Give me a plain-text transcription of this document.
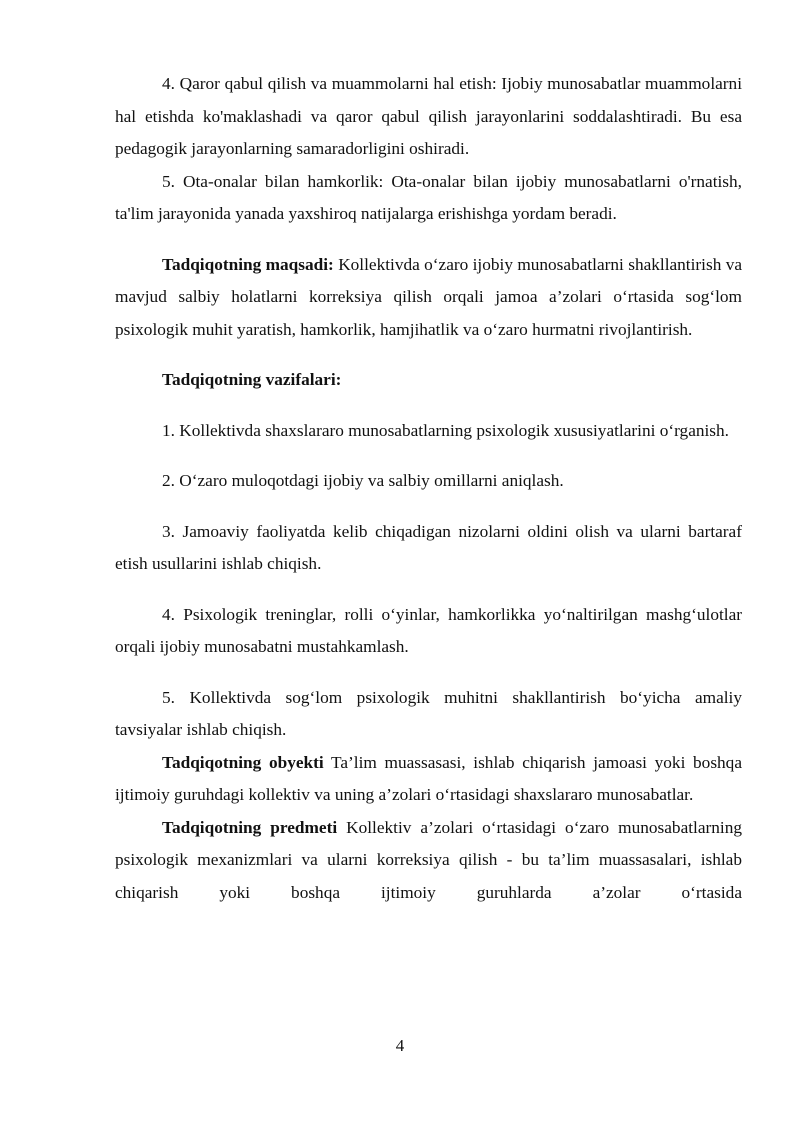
4. Qaror qabul qilish va muammolarni hal etish: Ijobiy munosabatlar muammolarni hal etishda ko'maklashadi va qaror qabul qilish jarayonlarini soddalashtiradi. Bu esa pedagogik jarayonlarning samaradorligini oshiradi.

5. Ota-onalar bilan hamkorlik: Ota-onalar bilan ijobiy munosabatlarni o'rnatish, ta'lim jarayonida yanada yaxshiroq natijalarga erishishga yordam beradi.

Tadqiqotning maqsadi: Kollektivda o‘zaro ijobiy munosabatlarni shakllantirish va mavjud salbiy holatlarni korreksiya qilish orqali jamoa a’zolari o‘rtasida sog‘lom psixologik muhit yaratish, hamkorlik, hamjihatlik va o‘zaro hurmatni rivojlantirish.

Tadqiqotning vazifalari:

1. Kollektivda shaxslararo munosabatlarning psixologik xususiyatlarini o‘rganish.

2. O‘zaro muloqotdagi ijobiy va salbiy omillarni aniqlash.

3. Jamoaviy faoliyatda kelib chiqadigan nizolarni oldini olish va ularni bartaraf etish usullarini ishlab chiqish.

4. Psixologik treninglar, rolli o‘yinlar, hamkorlikka yo‘naltirilgan mashg‘ulotlar orqali ijobiy munosabatni mustahkamlash.

5. Kollektivda sog‘lom psixologik muhitni shakllantirish bo‘yicha amaliy tavsiyalar ishlab chiqish.

Tadqiqotning obyekti Ta’lim muassasasi, ishlab chiqarish jamoasi yoki boshqa ijtimoiy guruhdagi kollektiv va uning a’zolari o‘rtasidagi shaxslararo munosabatlar.

Tadqiqotning predmeti Kollektiv a’zolari o‘rtasidagi o‘zaro munosabatlarning psixologik mexanizmlari va ularni korreksiya qilish - bu ta’lim muassasalari, ishlab chiqarish yoki boshqa ijtimoiy guruhlarda a’zolar o‘rtasida

4
